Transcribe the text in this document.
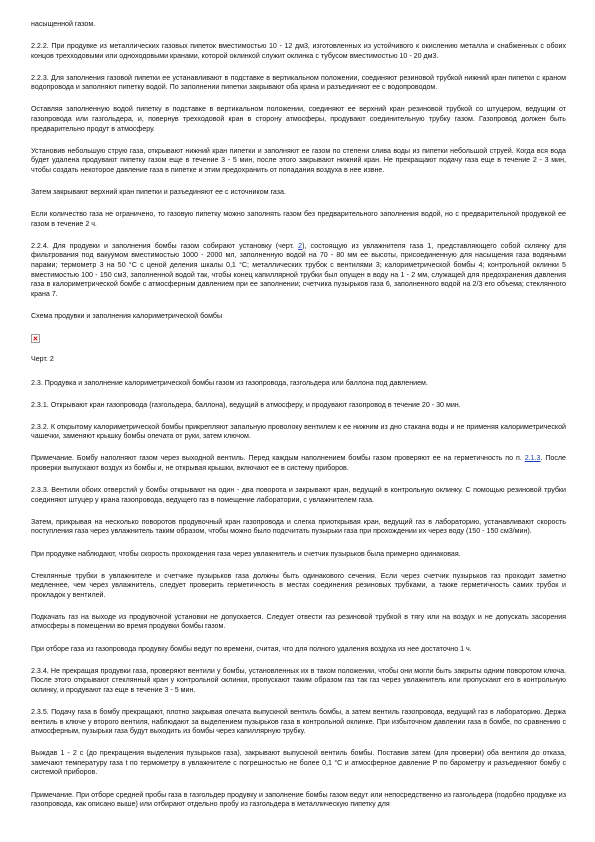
насыщенной газом.

2.2.2. При продувке из металлических газовых пипеток вместимостью 10 - 12 дм3, изготовленных из устойчивого к окислению металла и снабженных с обоих концов трехходовыми или одноходовыми кранами, которой оклинкой служит оклинка с тубусом вместимостью 10 - 20 дм3.

2.2.3. Для заполнения газовой пипетки ее устанавливают в подставке в вертикальном положении, соединяют резиновой трубкой нижний кран пипетки с краном водопровода и заполняют пипетку водой. По заполнении пипетки закрывают оба крана и разъединяют ее с водопроводом.

Оставляя заполненную водой пипетку в подставке в вертикальном положении, соединяют ее верхний кран резиновой трубкой со штуцером, ведущим от газопровода или газгольдера, и, повернув трехходовой кран в сторону атмосферы, продувают соединительную трубку газом. Газопровод должен быть предварительно продут в атмосферу.

Установив небольшую струю газа, открывают нижний кран пипетки и заполняют ее газом по степени слива воды из пипетки небольшой струей. Когда вся вода будет удалена продувают пипетку газом еще в течение 3 - 5 мин, после этого закрывают нижний кран. Не прекращают подачу газа еще в течение 2 - 3 мин, чтобы создать некоторое давление газа в пипетке и этим предохранить от попадания воздуха в нее извне.

Затем закрывают верхний кран пипетки и разъединяют ее с источником газа.

Если количество газа не ограничено, то газовую пипетку можно заполнять газом без предварительного заполнения водой, но с предварительной продувкой ее газом в течение 2 ч.

2.2.4. Для продувки и заполнения бомбы газом собирают установку (черт. 2), состоящую из увлажнителя газа 1, представляющего собой склянку для фильтрования под вакуумом вместимостью 1000 - 2000 мл, заполненную водой на 70 - 80 мм ее высоты, присоединенную для насыщения газа водяными парами; термометр 3 на 50 °С с ценой деления шкалы 0,1 °С; металлических трубок с вентилями 3; калориметрической бомбы 4; контрольной оклинки 5 вместимостью 100 - 150 см3, заполненной водой так, чтобы конец капиллярной трубки был опущен в воду на 1 - 2 мм, служащей для предохранения давления газа в калориметрической бомбе с атмосферным давлением при ее заполнении; счетчика пузырьков газа 6, заполненного водой на 2/3 его объема; стеклянного крана 7.

Схема продувки и заполнения калориметрической бомбы

Черт. 2

2.3. Продувка и заполнение калориметрической бомбы газом из газопровода, газгольдера или баллона под давлением.

2.3.1. Открывают кран газопровода (газгольдера, баллона), ведущий в атмосферу, и продувают газопровод в течение 20 - 30 мин.

2.3.2. К открытому калориметрической бомбы прикрепляют запальную проволоку вентилем к ее нижним из дно стакана воды и не применяя калориметрической чашечки, заменяют крышку бомбы опечата от руки, затем ключом.

Примечание. Бомбу наполняют газом через выходной вентиль. Перед каждым наполнением бомбы газом проверяют ее на герметичность по п. 2.1.3. После проверки выпускают воздух из бомбы и, не открывая крышки, включают ее в систему приборов.

2.3.3. Вентили обоих отверстий у бомбы открывают на один - два поворота и закрывают кран, ведущий в контрольную оклинку. С помощью резиновой трубки соединяют штуцер у крана газопровода, ведущего газ в помещение лаборатории, с увлажнителем газа.

Затем, прикрывая на несколько поворотов продувочный кран газопровода и слегка приоткрывая кран, ведущий газ в лабораторию, устанавливают скорость поступления газа через увлажнитель таким образом, чтобы можно было подсчитать пузырьки газа при прохождении их через воду (150 - 150 см3/мин).

При продувке наблюдают, чтобы скорость прохождения газа через увлажнитель и счетчик пузырьков была примерно одинаковая.

Стеклянные трубки в увлажнителе и счетчике пузырьков газа должны быть одинакового сечения. Если через счетчик пузырьков газ проходит заметно медленнее, чем через увлажнитель, следует проверить герметичность в местах соединения резиновых трубками, а также герметичность самих трубок и прокладок у вентилей.

Подкачать газ на выходе из продувочной установки не допускается. Следует отвести газ резиновой трубкой в тягу или на воздух и не допускать засорения атмосферы в помещении во время продувки бомбы газом.

При отборе газа из газопровода продувку бомбы ведут по времени, считая, что для полного удаления воздуха из нее достаточно 1 ч.

2.3.4. Не прекращая продувки газа, проверяют вентили у бомбы, установленных их в таком положении, чтобы они могли быть закрыты одним поворотом ключа. После этого открывают стеклянный кран у контрольной оклинки, пропускают таким образом газ так газ через увлажнитель или пропускают его в контрольную оклинку, и продувают газ еще в течение 3 - 5 мин.

2.3.5. Подачу газа в бомбу прекращают, плотно закрывая опечата выпускной вентиль бомбы, а затем вентиль газопровода, ведущий газ в лабораторию. Держа вентиль в ключе у второго вентиля, наблюдают за выделением пузырьков газа в контрольной оклинке. При избыточном давлении газа в бомбе, по сравнению с атмосферным, пузырьки газа будут выходить из бомбы через капиллярную трубку.

Выждав 1 - 2 с (до прекращения выделения пузырьков газа), закрывают выпускной вентиль бомбы. Поставив затем (для проверки) оба вентиля до отказа, замечают температуру газа t по термометру в увлажнителе с погрешностью не более 0,1 °С и атмосферное давление P по барометру и разъединяют бомбу с системой приборов.

Примечание. При отборе средней пробы газа в газгольдер продувку и заполнение бомбы газом ведут или непосредственно из газгольдера (подобно продувке из газопровода, как описано выше) или отбирают отдельно пробу из газгольдера в металлическую пипетку для
